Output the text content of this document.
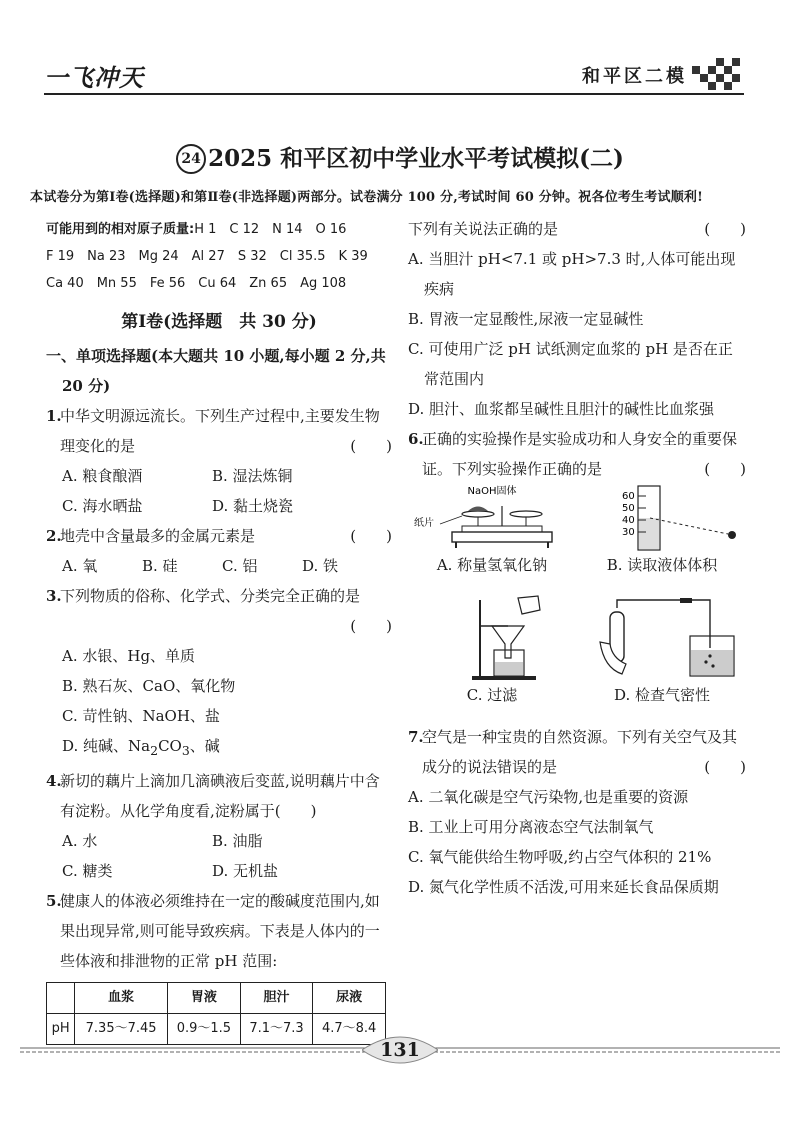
一飞冲天	和平区二模
24 2025 和平区初中学业水平考试模拟(二)
本试卷分为第Ⅰ卷(选择题)和第Ⅱ卷(非选择题)两部分。试卷满分 100 分,考试时间 60 分钟。祝各位考生考试顺利!
可能用到的相对原子质量:H 1　C 12　N 14　O 16
F 19　Na 23　Mg 24　Al 27　S 32　Cl 35.5　K 39
Ca 40　Mn 55　Fe 56　Cu 64　Zn 65　Ag 108
第Ⅰ卷(选择题　共 30 分)
一、单项选择题(本大题共 10 小题,每小题 2 分,共 20 分)
1.
中华文明源远流长。下列生产过程中,主要发生物理变化的是	(　　)
A. 粮食酿酒	B. 湿法炼铜
C. 海水晒盐	D. 黏土烧瓷
2.
地壳中含量最多的金属元素是	(　　)
A. 氧	B. 硅	C. 铝	D. 铁
3.
下列物质的俗称、化学式、分类完全正确的是
(　　)
A. 水银、Hg、单质
B. 熟石灰、CaO、氧化物
C. 苛性钠、NaOH、盐
D. 纯碱、$Na_2CO_3$、碱
4.
新切的藕片上滴加几滴碘液后变蓝,说明藕片中含有淀粉。从化学角度看,淀粉属于(　　)
A. 水	B. 油脂
C. 糖类	D. 无机盐
5.
健康人的体液必须维持在一定的酸碱度范围内,如果出现异常,则可能导致疾病。下表是人体内的一些体液和排泄物的正常 pH 范围:
	血浆	胃液	胆汁	尿液
pH	7.35～7.45	0.9～1.5	7.1～7.3	4.7～8.4
下列有关说法正确的是	(　　)
A. 当胆汁 pH<7.1 或 pH>7.3 时,人体可能出现疾病
B. 胃液一定显酸性,尿液一定显碱性
C. 可使用广泛 pH 试纸测定血浆的 pH 是否在正常范围内
D. 胆汁、血浆都呈碱性且胆汁的碱性比血浆强
6.
正确的实验操作是实验成功和人身安全的重要保证。下列实验操作正确的是	(　　)
NaOH固体
纸片
A. 称量氢氧化钠
60
50
40
30
B. 读取液体体积
C. 过滤	D. 检查气密性
7.
空气是一种宝贵的自然资源。下列有关空气及其成分的说法错误的是	(　　)
A. 二氧化碳是空气污染物,也是重要的资源
B. 工业上可用分离液态空气法制氧气
C. 氧气能供给生物呼吸,约占空气体积的 21%
D. 氮气化学性质不活泼,可用来延长食品保质期
131
